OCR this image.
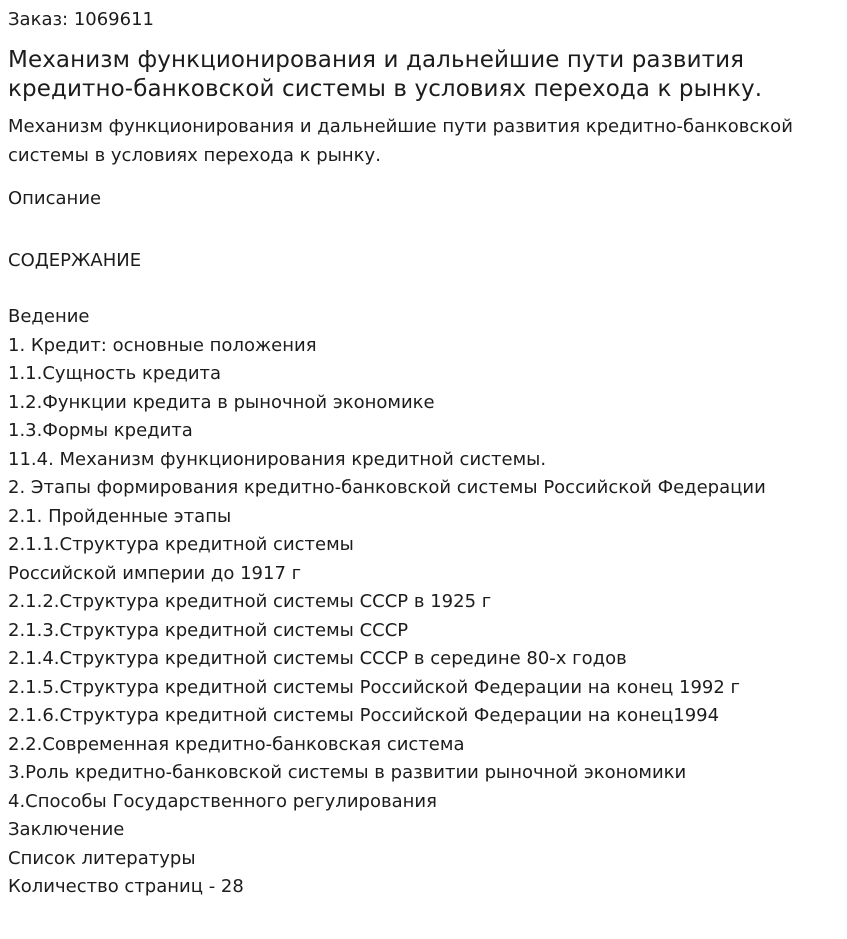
Заказ: 1069611
Механизм функционирования и дальнейшие пути развития кредитно-банковской системы в условиях перехода к рынку.
Механизм функционирования и дальнейшие пути развития кредитно-банковской системы в условиях перехода к рынку.
Описание
СОДЕРЖАНИЕ
Ведение
1. Кредит: основные положения
1.1.Сущность кредита
1.2.Функции кредита в рыночной экономике
1.3.Формы кредита
11.4. Механизм функционирования кредитной системы.
2. Этапы формирования кредитно-банковской системы Российской Федерации
2.1. Пройденные этапы
2.1.1.Структура кредитной системы
Российской империи до 1917 г
2.1.2.Структура кредитной системы СССР в 1925 г
2.1.3.Структура кредитной системы СССР
2.1.4.Структура кредитной системы СССР в середине 80-х годов
2.1.5.Структура кредитной системы Российской Федерации на конец 1992 г
2.1.6.Структура кредитной системы Российской Федерации на конец1994
2.2.Современная кредитно-банковская система
3.Роль кредитно-банковской системы в развитии рыночной экономики
4.Способы Государственного регулирования
Заключение
Список литературы
Количество страниц - 28
